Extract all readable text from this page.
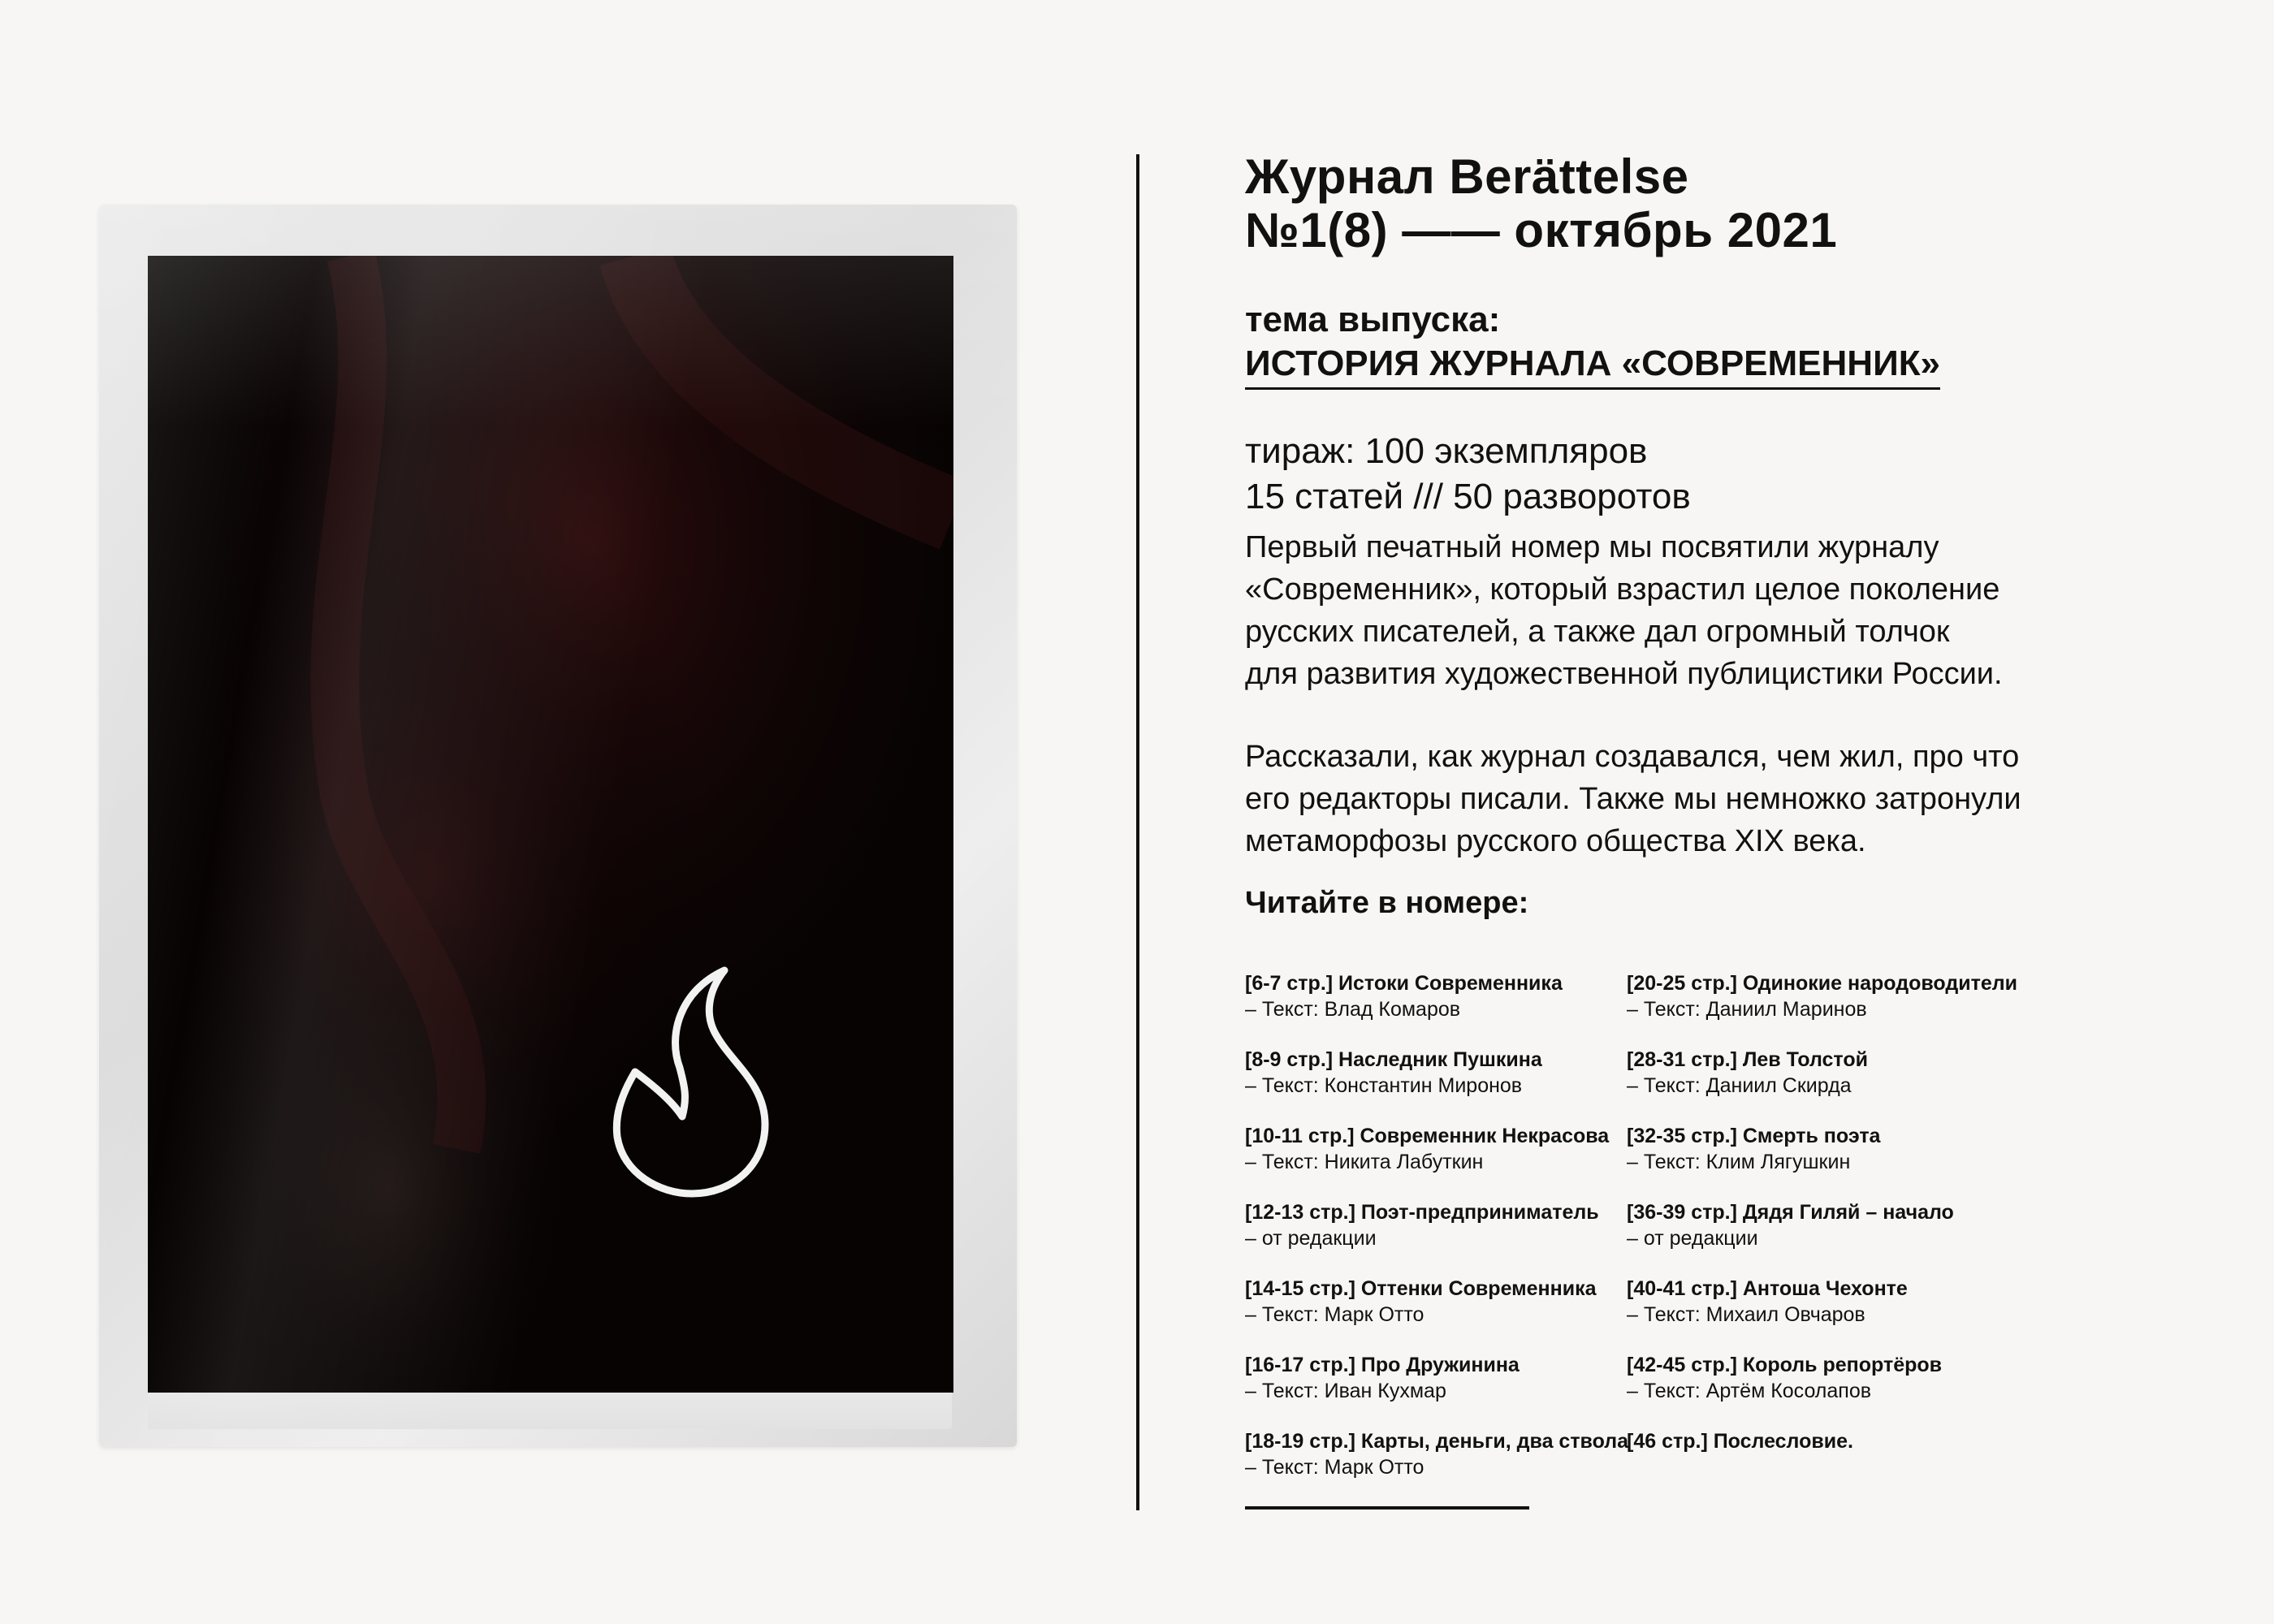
Журнал Berättelse
№1(8) —— октябрь 2021
тема выпуска:
ИСТОРИЯ ЖУРНАЛА «СОВРЕМЕННИК»
тираж: 100 экземпляров
15 статей /// 50 разворотов
Первый печатный номер мы посвятили журналу
«Современник», который взрастил целое поколение
русских писателей, а также дал огромный толчок
для развития художественной публицистики России.
Рассказали, как журнал создавался, чем жил, про что
его редакторы писали. Также мы немножко затронули
метаморфозы русского общества XIX века.
Читайте в номере:
[6-7 стр.] Истоки Современника
– Текст: Влад Комаров
[8-9 стр.] Наследник Пушкина
– Текст: Константин Миронов
[10-11 стр.] Современник Некрасова
– Текст: Никита Лабуткин
[12-13 стр.] Поэт-предприниматель
– от редакции
[14-15 стр.] Оттенки Современника
– Текст: Марк Отто
[16-17 стр.] Про Дружинина
– Текст: Иван Кухмар
[18-19 стр.] Карты, деньги, два ствола
– Текст: Марк Отто
[20-25 стр.] Одинокие народоводители
– Текст: Даниил Маринов
[28-31 стр.] Лев Толстой
– Текст: Даниил Скирда
[32-35 стр.] Смерть поэта
– Текст: Клим Лягушкин
[36-39 стр.] Дядя Гиляй – начало
– от редакции
[40-41 стр.] Антоша Чехонте
– Текст: Михаил Овчаров
[42-45 стр.] Король репортёров
– Текст: Артём Косолапов
[46 стр.] Послесловие.
